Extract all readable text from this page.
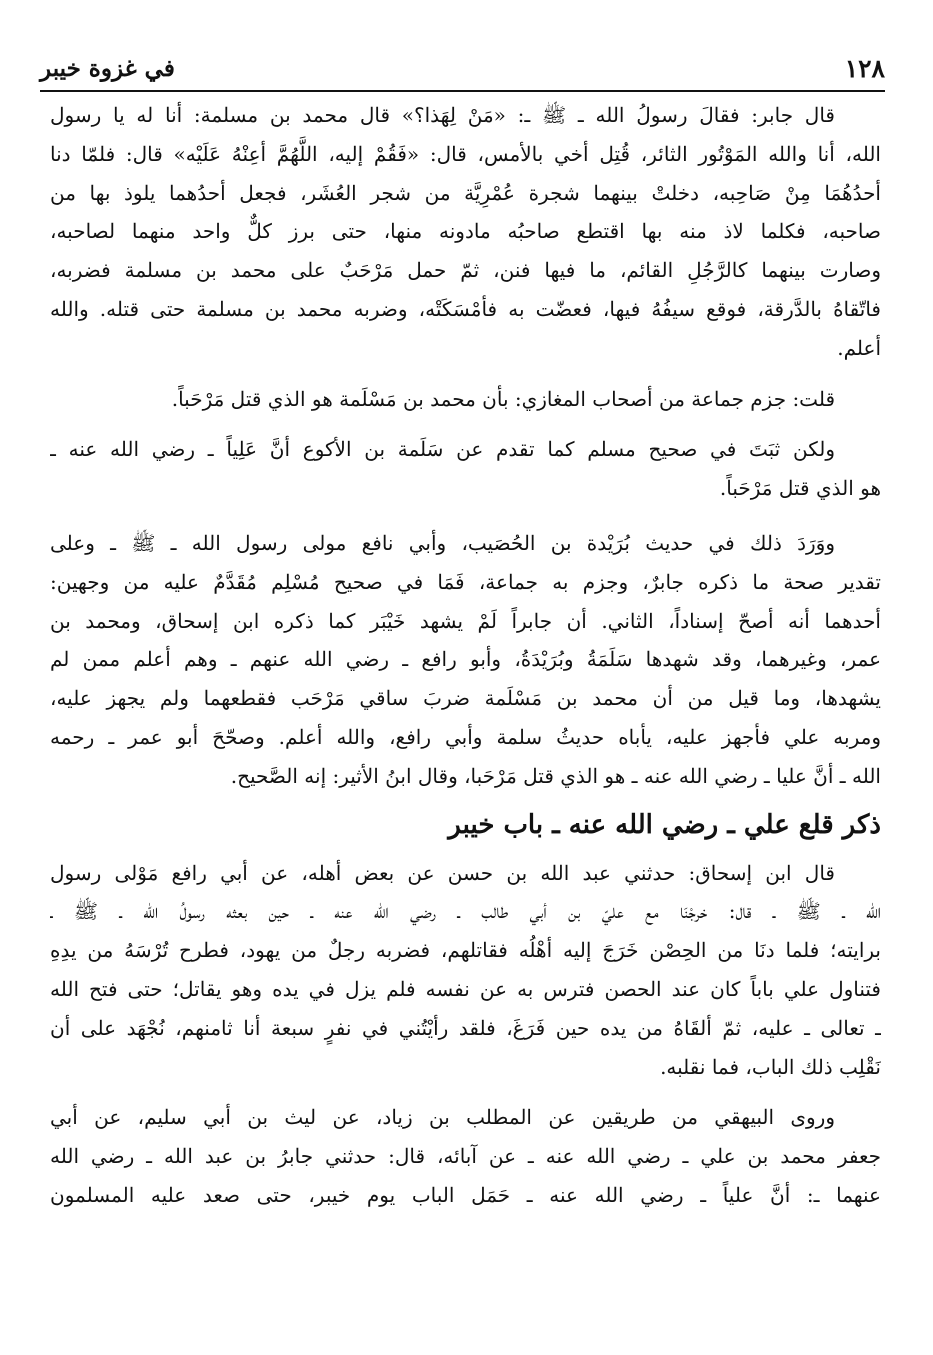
١٢٨
في غزوة خيبر
قال جابر: فقالَ رسولُ الله ـ ﷺ ـ: «مَنْ لِهَذا؟» قال محمد بن مسلمة: أنا له يا رسول
الله، أنا والله المَوْتُور الثائر، قُتِل أخي بالأمس، قال: «فَقُمْ إليه، اللَّهُمَّ أعِنْهُ عَلَيْه» قال: فلمّا دنا
أحدُهُمَا مِنْ صَاحِبه، دخلتْ بينهما شجرة عُمْرِيَّة من شجر العُشَر، فجعل أحدُهما يلوذ بها من
صاحبه، فكلما لاذ منه بها اقتطع صاحبُه مادونه منها، حتى برز كلٌّ واحد منهما لصاحبه،
وصارت بينهما كالرَّجُلِ القائم، ما فيها فنن، ثمّ حمل مَرْحَبٌ على محمد بن مسلمة فضربه،
فاتّقاهُ بالدَّرقة، فوقع سيفُهُ فيها، فعضّت به فأمْسَكَتْه، وضربه محمد بن مسلمة حتى قتله. والله
أعلم.
قلت: جزم جماعة من أصحاب المغازي: بأن محمد بن مَسْلَمة هو الذي قتل مَرْحَباً.
ولكن ثبَتَ في صحيح مسلم كما تقدم عن سَلَمة بن الأكوع أنَّ عَلِياً ـ رضي الله عنه ـ
هو الذي قتل مَرْحَباً.
ووَرَدَ ذلك في حديث بُرَيْدة بن الحُصَيب، وأبي نافع مولى رسول الله ـ ﷺ ـ وعلى
تقدير صحة ما ذكره جابرٌ، وجزم به جماعة، فَمَا في صحيح مُسْلِم مُقَدَّمٌ عليه من وجهين:
أحدهما أنه أصحّ إسناداً، الثاني. أن جابراً لَمْ يشهد خَيْبَر كما ذكره ابن إسحاق، ومحمد بن
عمر، وغيرهما، وقد شهدها سَلَمَةُ وبُرَيْدَةُ، وأبو رافع ـ رضي الله عنهم ـ وهم أعلم ممن لم
يشهدها، وما قيل من أن محمد بن مَسْلَمة ضربَ ساقي مَرْحَب فقطعهما ولم يجهز عليه،
ومربه علي فأجهز عليه، يأباه حديثُ سلمة وأبي رافع، والله أعلم. وصحّحَ أبو عمر ـ رحمه
الله ـ أنَّ عليا ـ رضي الله عنه ـ هو الذي قتل مَرْحَبا، وقال ابنُ الأثير: إنه الصَّحيح.
ذكر قلع علي ـ رضي الله عنه ـ باب خيبر
قال ابن إسحاق: حدثني عبد الله بن حسن عن بعض أهله، عن أبي رافع مَوْلى رسول
الله ـ ﷺ ـ قال: خرجْنَا مع عليّ بن أبي طالب ـ رضي الله عنه ـ حين بعثه رسولُ الله ـ ﷺ ـ
برايته؛ فلما دنَا من الحِصْن خَرَجَ إليه أهْلُه فقاتلهم، فضربه رجلٌ من يهود، فطرح تُرْسَهُ من يدِهِ
فتناول علي باباً كان عند الحصن فترس به عن نفسه فلم يزل في يده وهو يقاتل؛ حتى فتح الله
ـ تعالى ـ عليه، ثمّ ألقَاهُ من يده حين فَرَغَ، فلقد رأيْتُني في نفرٍ سبعة أنا ثامنهم، نُجْهَد على أن
نَقْلِب ذلك الباب، فما نقلبه.
وروى البيهقي من طريقين عن المطلب بن زياد، عن ليث بن أبي سليم، عن أبي
جعفر محمد بن علي ـ رضي الله عنه ـ عن آبائه، قال: حدثني جابرُ بن عبد الله ـ رضي الله
عنهما ـ: أنَّ علياً ـ رضي الله عنه ـ حَمَل الباب يوم خيبر، حتى صعد عليه المسلمون
